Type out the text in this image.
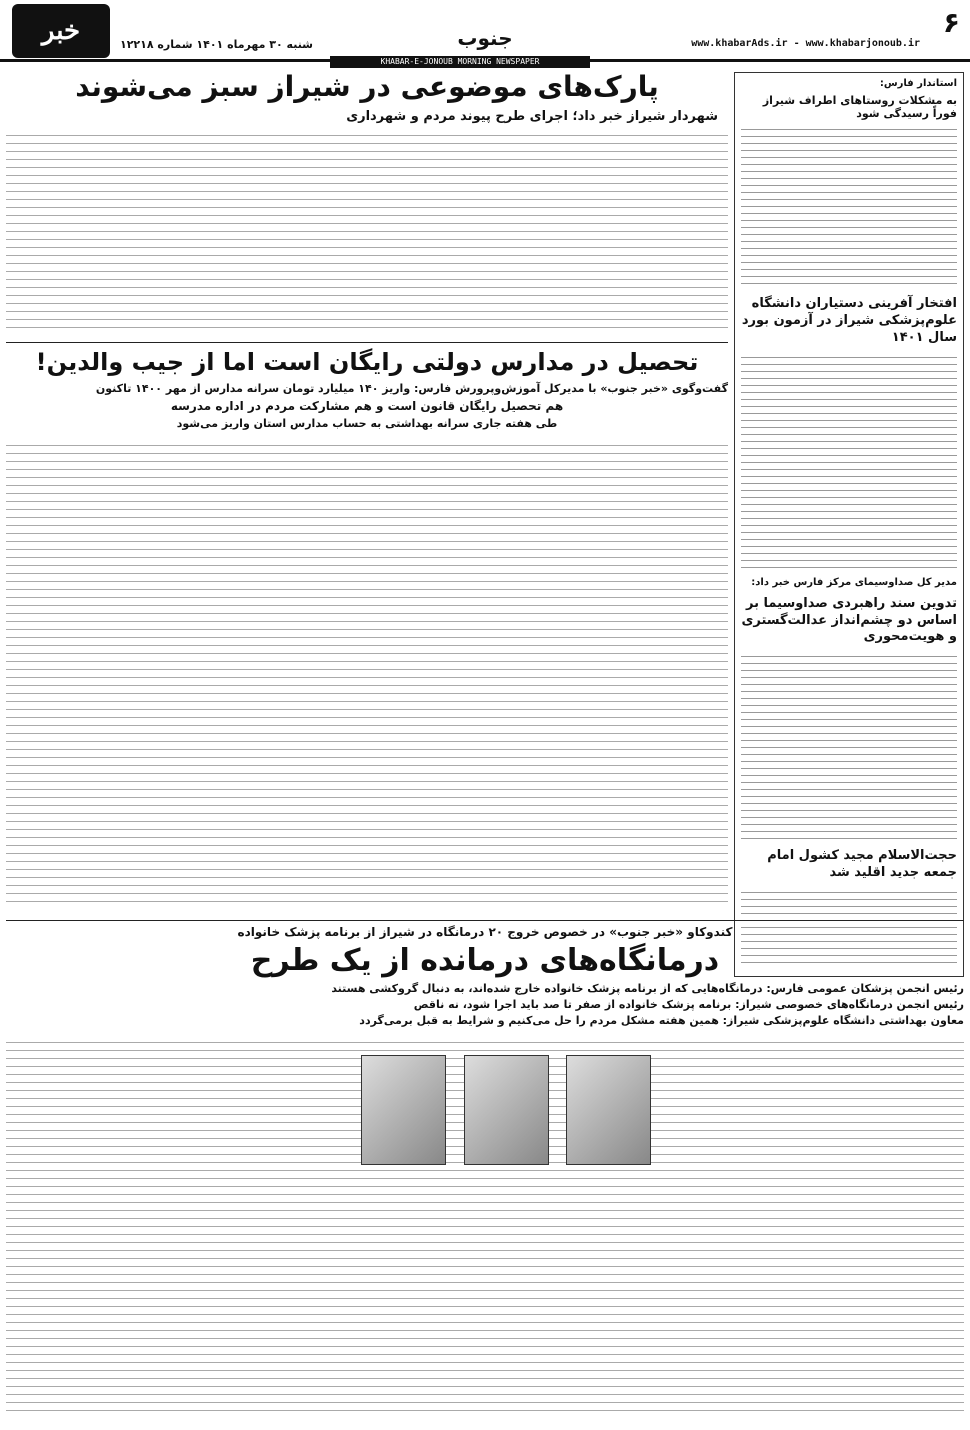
۶
www.khabarAds.ir - www.khabarjonoub.ir
جنوب
خبر	شنبه ۳۰ مهرماه ۱۴۰۱ شماره ۱۲۲۱۸
KHABAR-E-JONOUB MORNING NEWSPAPER
استاندار فارس:
به مشکلات روستاهای اطراف شیراز فوراً رسیدگی شود
افتخار آفرینی دستیاران دانشگاه علوم‌پزشکی شیراز در آزمون بورد سال ۱۴۰۱
مدیر کل صداوسیمای مرکز فارس خبر داد:
تدوین سند راهبردی صداوسیما بر اساس دو چشم‌انداز عدالت‌گستری و هویت‌محوری
حجت‌الاسلام مجید کشول امام جمعه جدید اقلید شد
پارک‌های موضوعی در شیراز سبز می‌شوند
شهردار شیراز خبر داد؛ اجرای طرح پیوند مردم و شهرداری
تحصیل در مدارس دولتی رایگان است اما از جیب والدین!
گفت‌وگوی «خبر جنوب» با مدیرکل آموزش‌وپرورش فارس: واریز ۱۴۰ میلیارد تومان سرانه مدارس از مهر ۱۴۰۰ تاکنون
هم تحصیل رایگان قانون است و هم مشارکت مردم در اداره مدرسه
طی هفته جاری سرانه بهداشتی به حساب مدارس استان واریز می‌شود
کندوکاو «خبر جنوب» در خصوص خروج ۲۰ درمانگاه در شیراز از برنامه پزشک خانواده
درمانگاه‌های درمانده از یک طرح
رئیس انجمن پزشکان عمومی فارس: درمانگاه‌هایی که از برنامه پزشک خانواده خارج شده‌اند، به دنبال گروکشی هستند
رئیس انجمن درمانگاه‌های خصوصی شیراز: برنامه پزشک خانواده از صفر تا صد باید اجرا شود، نه ناقص
معاون بهداشتی دانشگاه علوم‌پزشکی شیراز: همین هفته مشکل مردم را حل می‌کنیم و شرایط به قبل برمی‌گردد
